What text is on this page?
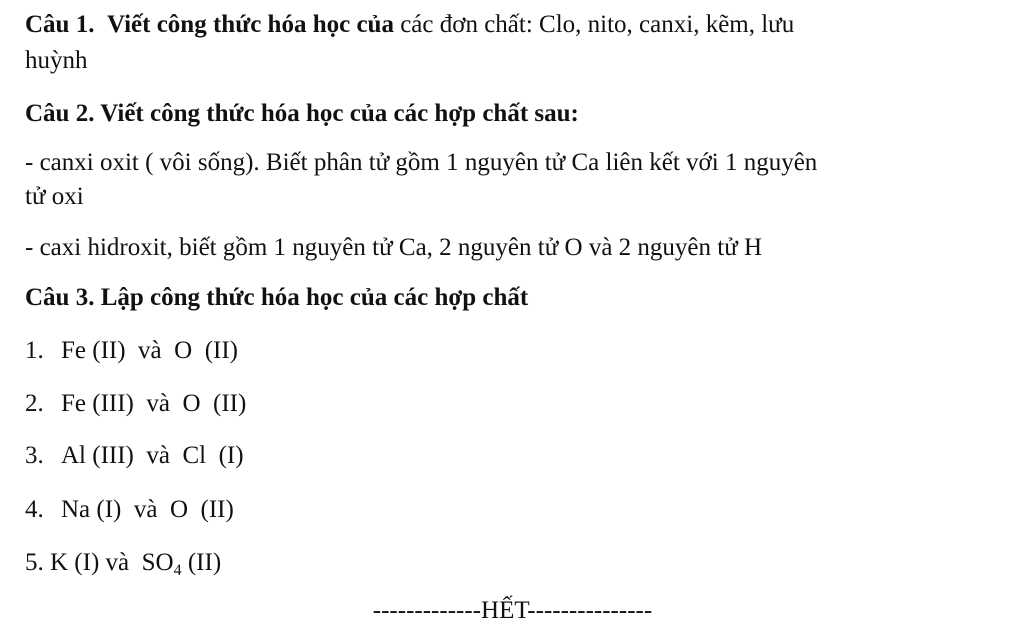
Câu 1. Viết công thức hóa học của các đơn chất: Clo, nito, canxi, kẽm, lưu
huỳnh
Câu 2. Viết công thức hóa học của các hợp chất sau:
- canxi oxit ( vôi sống). Biết phân tử gồm 1 nguyên tử Ca liên kết với 1 nguyên
tử oxi
- caxi hidroxit, biết gồm 1 nguyên tử Ca, 2 nguyên tử O và 2 nguyên tử H
Câu 3. Lập công thức hóa học của các hợp chất
1. Fe (II)  và  O  (II)
2. Fe (III)  và  O  (II)
3. Al (III)  và  Cl  (I)
4. Na (I)  và  O  (II)
5. K (I) và  $SO_4$ (II)
-------------HẾT---------------
